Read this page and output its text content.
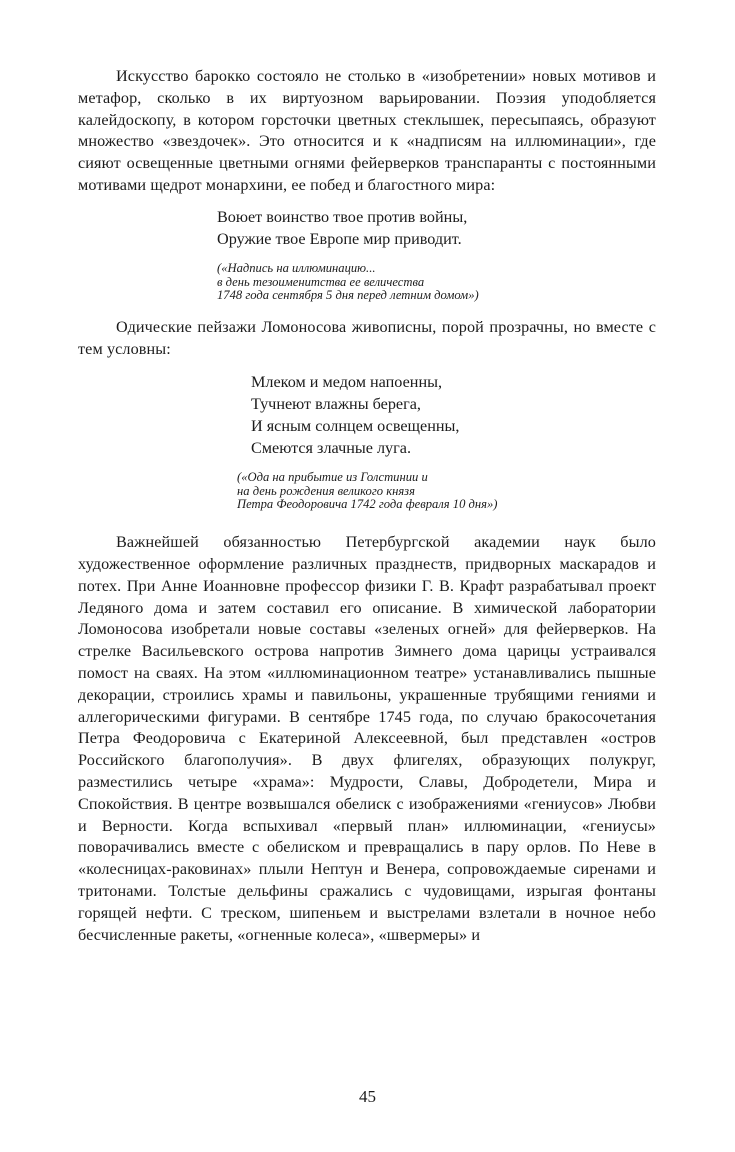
Искусство барокко состояло не столько в «изобретении» новых мотивов и метафор, сколько в их виртуозном варьировании. Поэзия уподобляется калейдоскопу, в котором горсточки цветных стеклышек, пересыпаясь, образуют множество «звездочек». Это относится и к «надписям на иллюминации», где сияют освещенные цветными огнями фейерверков транспаранты с постоянными мотивами щедрот монархини, ее побед и благостного мира:

Воюет воинство твое против войны,
Оружие твое Европе мир приводит.
(«Надпись на иллюминацию...
в день тезоименитства ее величества
1748 года сентября 5 дня перед летним домом»)

Одические пейзажи Ломоносова живописны, порой прозрачны, но вместе с тем условны:

Млеком и медом напоенны,
Тучнеют влажны берега,
И ясным солнцем освещенны,
Смеются злачные луга.
(«Ода на прибытие из Голстинии и
на день рождения великого князя
Петра Феодоровича 1742 года февраля 10 дня»)

Важнейшей обязанностью Петербургской академии наук было художественное оформление различных празднеств, придворных маскарадов и потех. При Анне Иоанновне профессор физики Г. В. Крафт разрабатывал проект Ледяного дома и затем составил его описание. В химической лаборатории Ломоносова изобретали новые составы «зеленых огней» для фейерверков. На стрелке Васильевского острова напротив Зимнего дома царицы устраивался помост на сваях. На этом «иллюминационном театре» устанавливались пышные декорации, строились храмы и павильоны, украшенные трубящими гениями и аллегорическими фигурами. В сентябре 1745 года, по случаю бракосочетания Петра Феодоровича с Екатериной Алексеевной, был представлен «остров Российского благополучия». В двух флигелях, образующих полукруг, разместились четыре «храма»: Мудрости, Славы, Добродетели, Мира и Спокойствия. В центре возвышался обелиск с изображениями «гениусов» Любви и Верности. Когда вспыхивал «первый план» иллюминации, «гениусы» поворачивались вместе с обелиском и превращались в пару орлов. По Неве в «колесницах-раковинах» плыли Нептун и Венера, сопровождаемые сиренами и тритонами. Толстые дельфины сражались с чудовищами, изрыгая фонтаны горящей нефти. С треском, шипеньем и выстрелами взлетали в ночное небо бесчисленные ракеты, «огненные колеса», «швермеры» и

45
